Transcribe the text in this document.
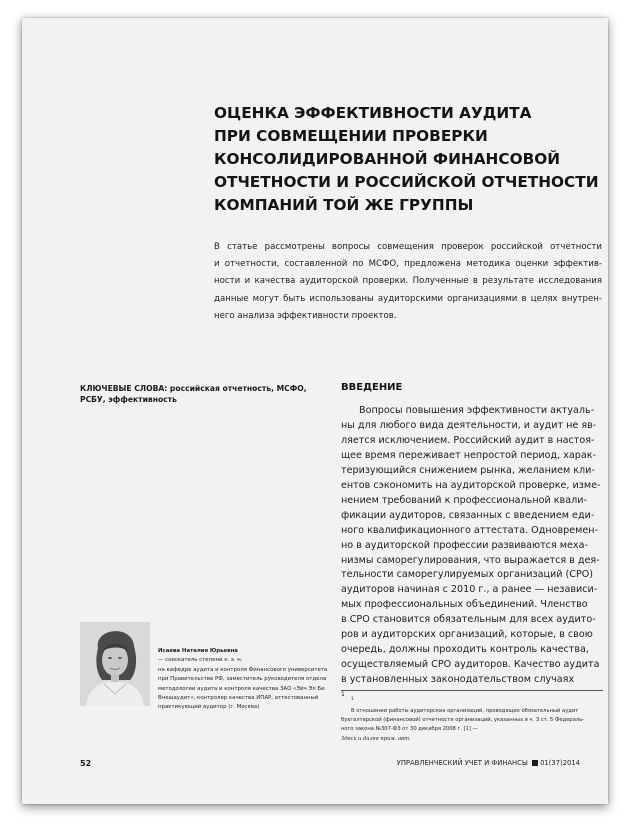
ОЦЕНКА ЭФФЕКТИВНОСТИ АУДИТА
ПРИ СОВМЕЩЕНИИ ПРОВЕРКИ
КОНСОЛИДИРОВАННОЙ ФИНАНСОВОЙ
ОТЧЕТНОСТИ И РОССИЙСКОЙ ОТЧЕТНОСТИ
КОМПАНИЙ ТОЙ ЖЕ ГРУППЫ
В статье рассмотрены вопросы совмещения проверок российской отчетности
и отчетности, составленной по МСФО, предложена методика оценки эффектив-
ности и качества аудиторской проверки. Полученные в результате исследования
данные могут быть использованы аудиторскими организациями в целях внутрен-
него анализа эффективности проектов.
КЛЮЧЕВЫЕ СЛОВА: российская отчетность, МСФО, РСБУ, эффективность
ВВЕДЕНИЕ
Вопросы повышения эффективности актуаль-
ны для любого вида деятельности, и аудит не яв-
ляется исключением. Российский аудит в настоя-
щее время переживает непростой период, харак-
теризующийся снижением рынка, желанием кли-
ентов сэкономить на аудиторской проверке, изме-
нением требований к профессиональной квали-
фикации аудиторов, связанных с введением еди-
ного квалификационного аттестата. Одновремен-
но в аудиторской профессии развиваются меха-
низмы саморегулирования, что выражается в дея-
тельности саморегулируемых организаций (СРО)
аудиторов начиная с 2010 г., а ранее — независи-
мых профессиональных объединений. Членство
в СРО становится обязательным для всех аудито-
ров и аудиторских организаций, которые, в свою
очередь, должны проходить контроль качества,
осуществляемый СРО аудиторов. Качество аудита
в установленных законодательством случаях
$^1$
Исаева Наталия Юрьевна
— соискатель степени к. э. н.
на кафедре аудита и контроля Финансового университета
при Правительстве РФ, заместитель руководителя отдела
методологии аудита и контроля качества ЗАО «Эйч Эл Би
Внешаудит», контролер качества ИПАР, аттестованный
практикующий аудитор (г. Москва)
$^1$
В отношении работы аудиторских организаций, проводящих обязательный аудит
бухгалтерской (финансовой) отчетности организаций, указанных в ч. 3 ст. 5 Федераль-
ного закона №307-ФЗ от 30 декабря 2008 г. [1] —
Здесь и далее прим. авт.
52	УПРАВЛЕНЧЕСКИЙ УЧЕТ И ФИНАНСЫ 01(37)2014
